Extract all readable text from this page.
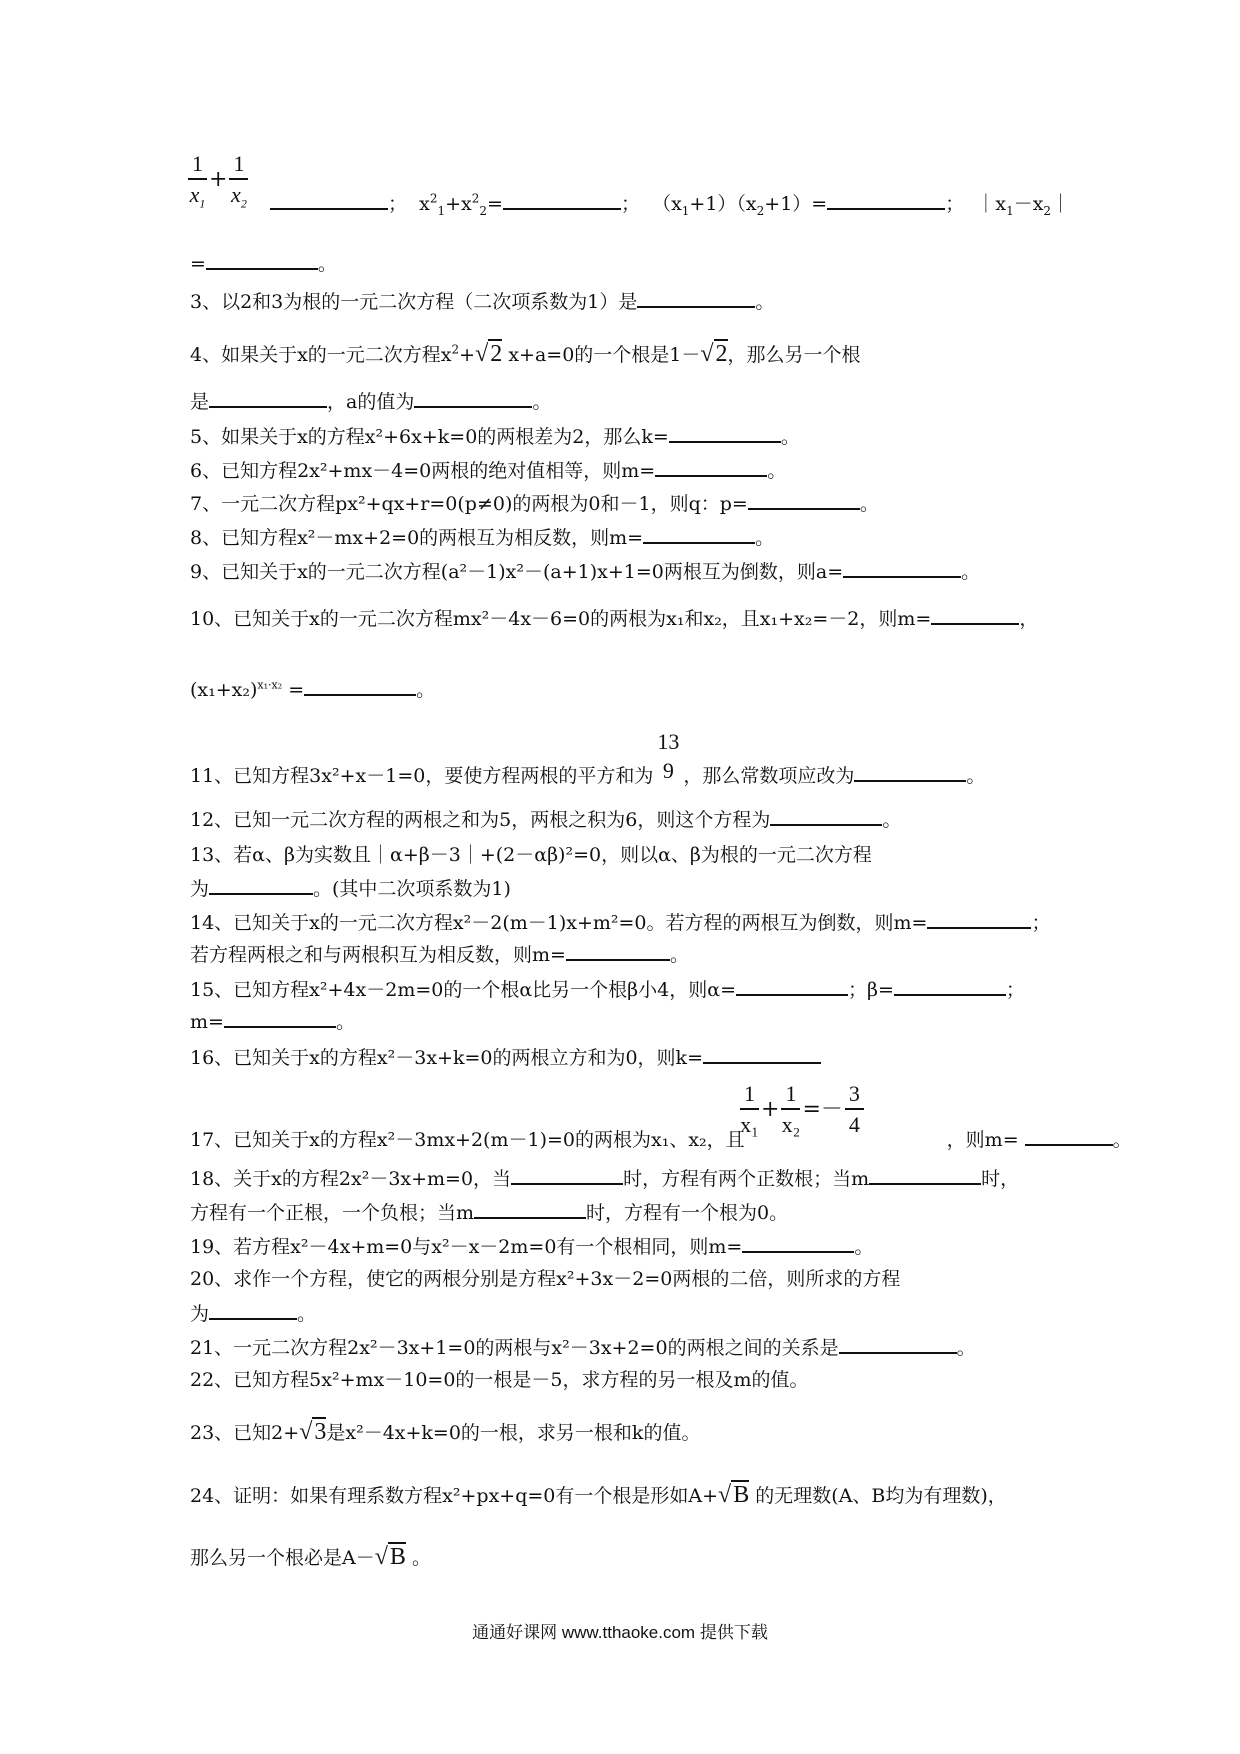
$\frac{1}{x_1} + \frac{1}{x_2}$	； $x^2_1+x^2_2=$	； $(x_1+1)(x_2+1)=$	； $|x_1-x_2|$
=	。
3、以2和3为根的一元二次方程（二次项系数为1）是	。
4、如果关于x的一元二次方程$x^2+√2$ x+a=0的一个根是1－√2，那么另一个根
是	，a的值为	。
5、如果关于x的方程x²+6x+k=0的两根差为2，那么k=	。
6、已知方程2x²+mx－4=0两根的绝对值相等，则m=	。
7、一元二次方程px²+qx+r=0(p≠0)的两根为0和－1，则q：p=	。
8、已知方程x²－mx+2=0的两根互为相反数，则m=	。
9、已知关于x的一元二次方程(a²－1)x²－(a+1)x+1=0两根互为倒数，则a=	。
10、已知关于x的一元二次方程mx²－4x－6=0的两根为x₁和x₂，且x₁+x₂=－2，则m=	，
$(x_1+x_2)^{x_1\cdot x_2}$ =	。
11、已知方程3x²+x－1=0，要使方程两根的平方和为
13
9 ，那么常数项应改为	。
12、已知一元二次方程的两根之和为5，两根之积为6，则这个方程为	。
13、若α、β为实数且｜α+β－3｜+(2－αβ)²=0，则以α、β为根的一元二次方程
为	。(其中二次项系数为1)
14、已知关于x的一元二次方程x²－2(m－1)x+m²=0。若方程的两根互为倒数，则m=	；
若方程两根之和与两根积互为相反数，则m=	。
15、已知方程x²+4x－2m=0的一个根α比另一个根β小4，则α=	；β=	；
m=	。
16、已知关于x的方程x²－3x+k=0的两根立方和为0，则k=
$\frac{1}{\text{x₁}} + \frac{1}{\text{x₂}} =- \frac{3}{4}$
17、已知关于x的方程x²－3mx+2(m－1)=0的两根为x₁、x₂，且	，则m=	。
18、关于x的方程2x²－3x+m=0，当	时，方程有两个正数根；当m	时，
方程有一个正根，一个负根；当m	时，方程有一个根为0。
19、若方程x²－4x+m=0与x²－x－2m=0有一个根相同，则m=	。
20、求作一个方程，使它的两根分别是方程x²+3x－2=0两根的二倍，则所求的方程
为	。
21、一元二次方程2x²－3x+1=0的两根与x²－3x+2=0的两根之间的关系是	。
22、已知方程5x²+mx－10=0的一根是－5，求方程的另一根及m的值。
23、已知2+√3是x²－4x+k=0的一根，求另一根和k的值。
24、证明：如果有理系数方程x²+px+q=0有一个根是形如A+√B 的无理数(A、B均为有理数)，
那么另一个根必是A－√B 。
通通好课网 www.tthaoke.com 提供下载
